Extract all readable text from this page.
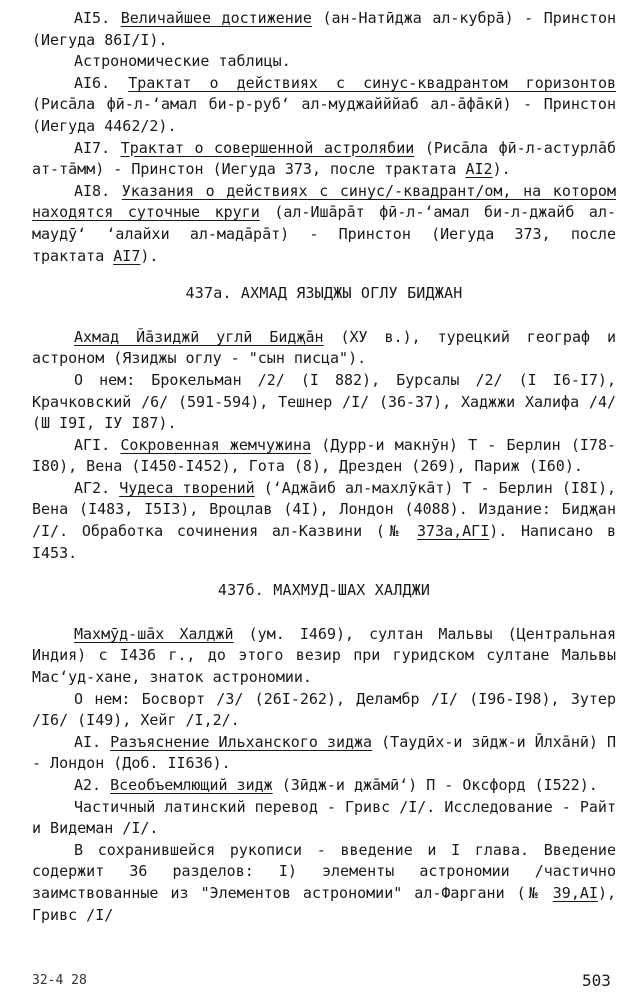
AI5. Величайшее достижение (ан-Натӣджа ал-кубра̄) - Принстон (Иегуда 86I/I).

Астрономические таблицы.

AI6. Трактат о действиях с синус-квадрантом горизонтов (Рисāла фӣ-л-‘амал би-р-руб‘ ал-муджайййаб ал-āфāкӣ) - Принстон (Иегуда 4462/2).

AI7. Трактат о совершенной астролябии (Рисāла фӣ-л-астурлāб ат-тāмм) - Принстон (Иегуда 373, после трактата AI2).

AI8. Указания о действиях с синус/-квадрант/ом, на котором находятся суточные круги (ал-Ишāрāт фӣ-л-‘амал би-л-джайб ал-маудӯ‘ ‘алайхи ал-мадāрāт) - Принстон (Иегуда 373, после трактата AI7).

437a. АХМАД ЯЗЫДЖЫ ОГЛУ БИДЖАН

Ахмад Йāзиджӣ углӣ Бидҗāн (ХУ в.), турецкий географ и астроном (Язиджы оглу - "сын писца").

О нем: Брокельман /2/ (I 882), Бурсалы /2/ (I I6-I7), Крачковский /6/ (591-594), Тешнер /I/ (36-37), Хаджжи Халифа /4/ (Ш I9I, IУ I87).

АГI. Сокровенная жемчужина (Дурр-и макнӯн) Т - Берлин (I78-I80), Вена (I450-I452), Гота (8), Дрезден (269), Париж (I60).

АГ2. Чудеса творений (‘Аджāиб ал-махлӯкāт) Т - Берлин (I8I), Вена (I483, I5I3), Вроцлав (4I), Лондон (4088). Издание: Бидҗан /I/. Обработка сочинения ал-Казвини (№ 373а,АГI). Написано в I453.

437б. МАХМУД-ШАХ ХАЛДЖИ

Махмӯд-шāх Халджӣ (ум. I469), султан Мальвы (Центральная Индия) с I436 г., до этого везир при гуридском султане Мальвы Мас‘уд-хане, знаток астрономии.

О нем: Босворт /3/ (26I-262), Деламбр /I/ (I96-I98), Зутер /I6/ (I49), Хейг /I,2/.

AI. Разъяснение Ильханского зиджа (Таудӣх-и зӣдж-и Ӣлхāнӣ) П - Лондон (Доб. II636).

A2. Всеобъемлющий зидж (Зӣдж-и джāмӣ‘) П - Оксфорд (I522).

Частичный латинский перевод - Гривс /I/. Исследование - Райт и Видеман /I/.

В сохранившейся рукописи - введение и I глава. Введение содержит 36 разделов: I) элементы астрономии /частично заимствованные из "Элементов астрономии" ал-Фаргани (№ 39,AI), Гривс /I/

32-4 28	503
